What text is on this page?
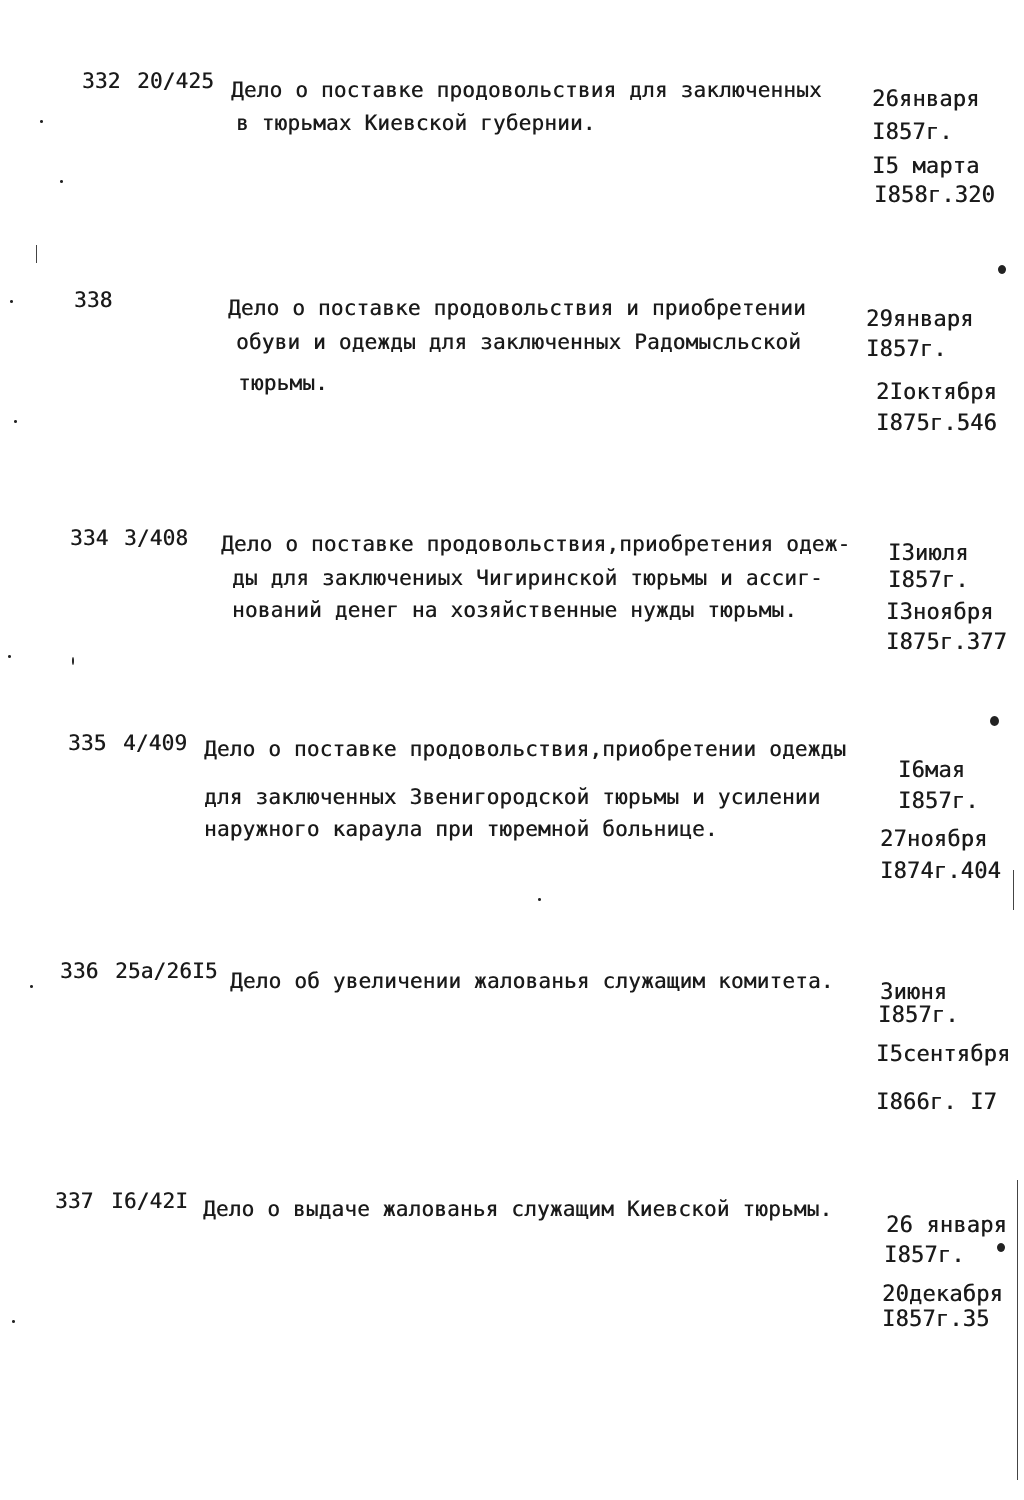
332 20/425 Дело о поставке продовольствия для заключенных
в тюрьмах Киевской губернии.
26января
I857г.
I5 марта
I858г.320
338	Дело о поставке продовольствия и приобретении
обуви и одежды для заключенных Радомысльской
тюрьмы.
29января
I857г.
2Iоктября
I875г.546
334 3/408 Дело о поставке продовольствия,приобретения одеж-
ды для заключениых Чигиринской тюрьмы и ассиг-
нований денег на хозяйственные нужды тюрьмы.
I3июля
I857г.
I3ноября
I875г.377
335 4/409 Дело о поставке продовольствия,приобретении одежды
для заключенных Звенигородской тюрьмы и усилении
наружного караула при тюремной больнице.
I6мая
I857г.
27ноября
I874г.404
336 25а/26I5 Дело об увеличении жалованья служащим комитета. 3июня
I857г.
I5сентября
I866г. I7
337 I6/42I Дело о выдаче жалованья служащим Киевской тюрьмы.
26 января
I857г.
20декабря
I857г.35
